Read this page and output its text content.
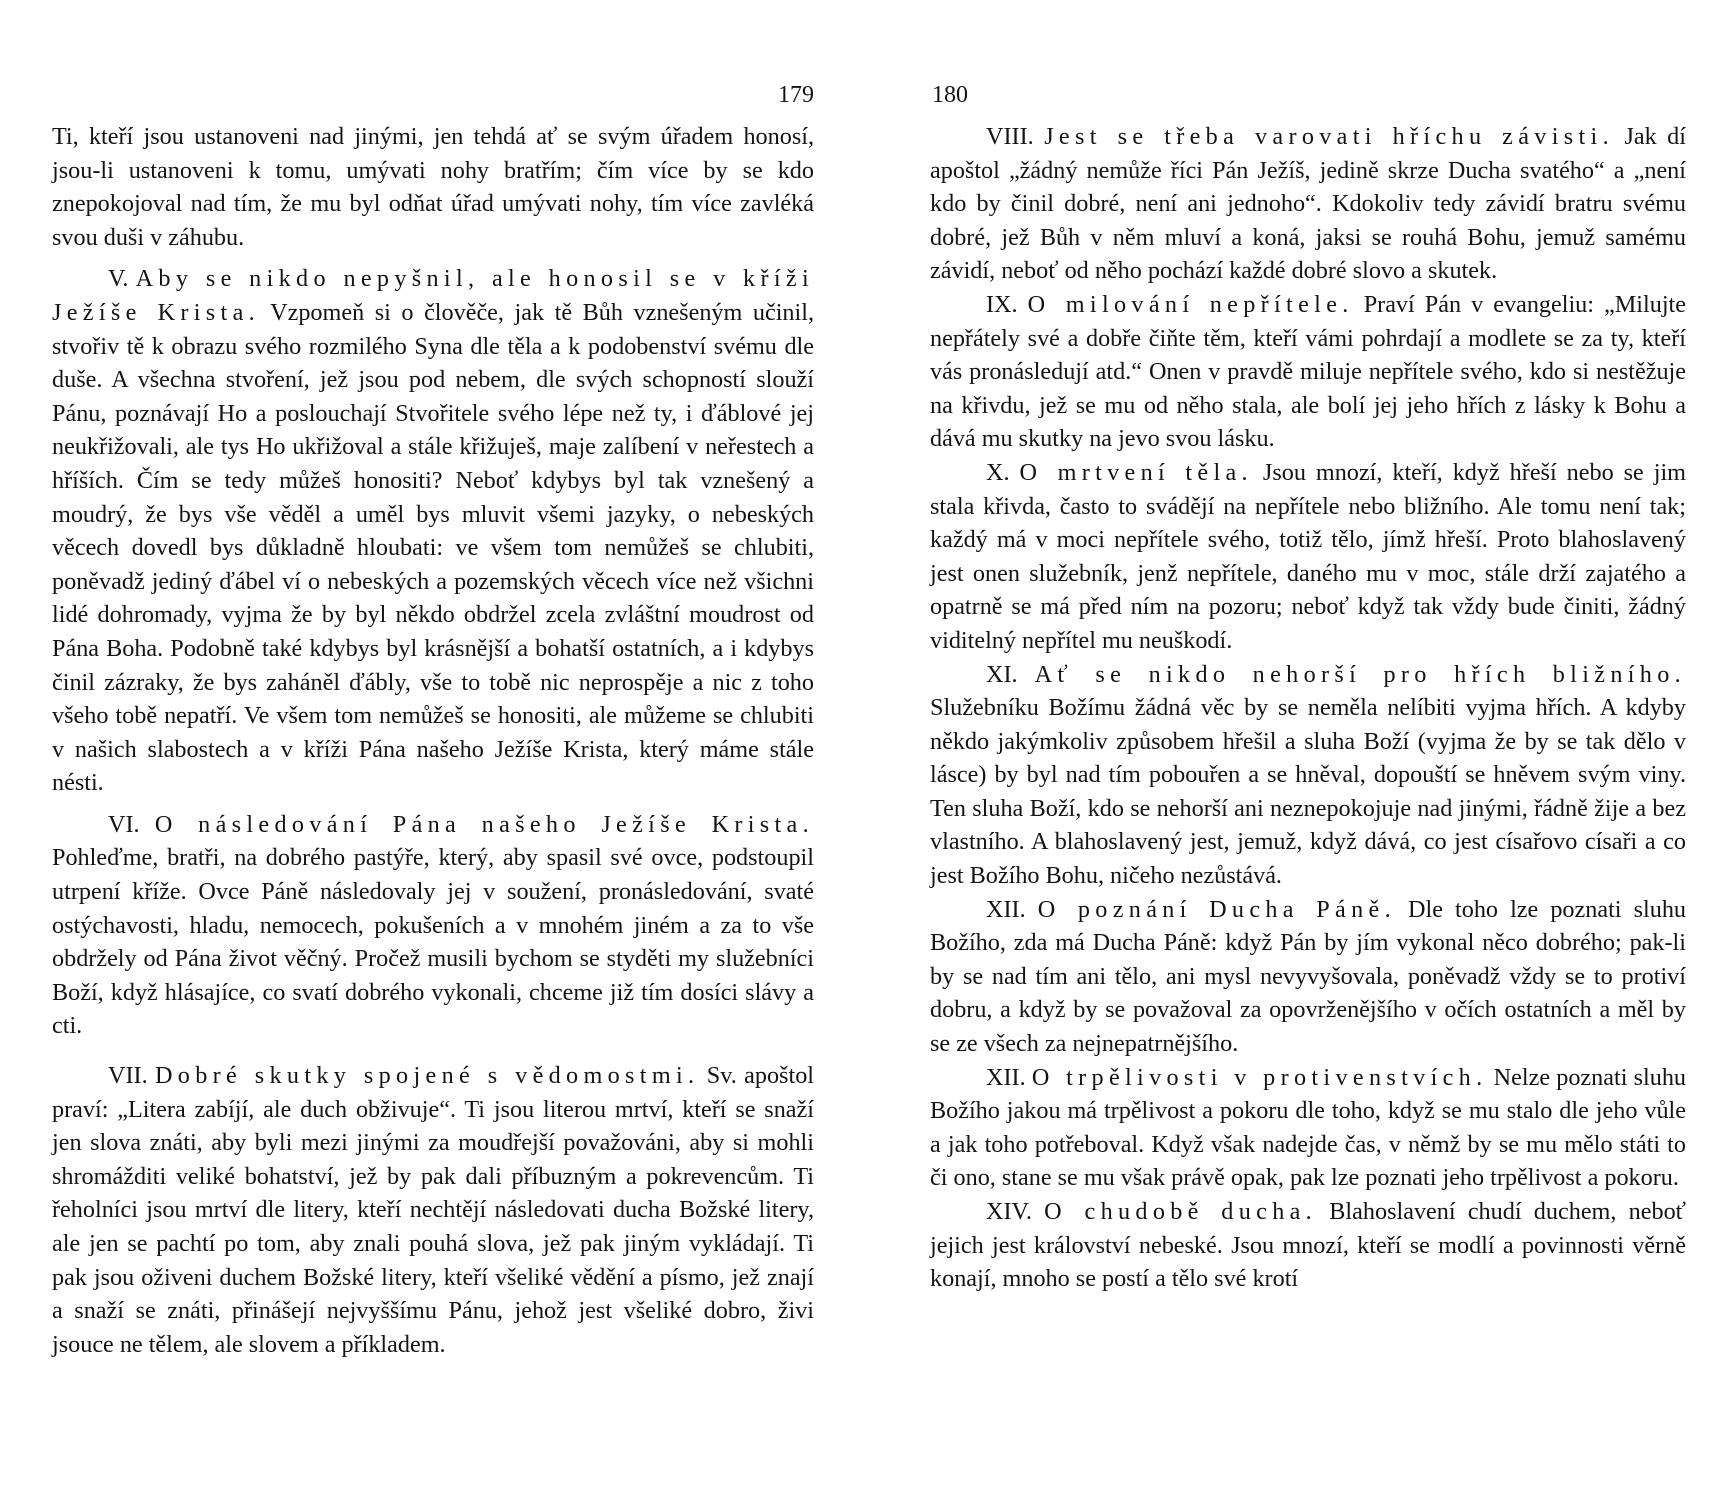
179

Ti, kteří jsou ustanoveni nad jinými, jen tehdá ať se svým úřadem honosí, jsou-li ustanoveni k tomu, umývati nohy bratřím; čím více by se kdo znepokojoval nad tím, že mu byl odňat úřad umývati nohy, tím více zavléká svou duši v záhubu.

V. Aby se nikdo nepyšnil, ale honosil se v kříži Ježíše Krista. Vzpomeň si o člověče, jak tě Bůh vznešeným učinil, stvořiv tě k obrazu svého rozmilého Syna dle těla a k podobenství svému dle duše. A všechna stvoření, jež jsou pod nebem, dle svých schopností slouží Pánu, poznávají Ho a poslouchají Stvořitele svého lépe než ty, i ďáblové jej neukřižovali, ale tys Ho ukřižoval a stále křižuješ, maje zalíbení v neřestech a hříších. Čím se tedy můžeš honositi? Neboť kdybys byl tak vznešený a moudrý, že bys vše věděl a uměl bys mluvit všemi jazyky, o nebeských věcech dovedl bys důkladně hloubati: ve všem tom nemůžeš se chlubiti, poněvadž jediný ďábel ví o nebeských a pozemských věcech více než všichni lidé dohromady, vyjma že by byl někdo obdržel zcela zvláštní moudrost od Pána Boha. Podobně také kdybys byl krásnější a bohatší ostatních, a i kdybys činil zázraky, že bys zaháněl ďábly, vše to tobě nic neprospěje a nic z toho všeho tobě nepatří. Ve všem tom nemůžeš se honositi, ale můžeme se chlubiti v našich slabostech a v kříži Pána našeho Ježíše Krista, který máme stále nésti.

VI. O následování Pána našeho Ježíše Krista. Pohleďme, bratři, na dobrého pastýře, který, aby spasil své ovce, podstoupil utrpení kříže. Ovce Páně následovaly jej v soužení, pronásledování, svaté ostýchavosti, hladu, nemocech, pokušeních a v mnohém jiném a za to vše obdržely od Pána život věčný. Pročež musili bychom se styděti my služebníci Boží, když hlásajíce, co svatí dobrého vykonali, chceme již tím dosíci slávy a cti.

VII. Dobré skutky spojené s vědomostmi. Sv. apoštol praví: „Litera zabíjí, ale duch obživuje“. Ti jsou literou mrtví, kteří se snaží jen slova znáti, aby byli mezi jinými za moudřejší považováni, aby si mohli shromážditi veliké bohatství, jež by pak dali příbuzným a pokrevencům. Ti řeholníci jsou mrtví dle litery, kteří nechtějí následovati ducha Božské litery, ale jen se pachtí po tom, aby znali pouhá slova, jež pak jiným vykládají. Ti pak jsou oživeni duchem Božské litery, kteří všeliké vědění a písmo, jež znají a snaží se znáti, přinášejí nejvyššímu Pánu, jehož jest všeliké dobro, živi jsouce ne tělem, ale slovem a příkladem.

180

VIII. Jest se třeba varovati hříchu závisti. Jak dí apoštol „žádný nemůže říci Pán Ježíš, jedině skrze Ducha svatého“ a „není kdo by činil dobré, není ani jednoho“. Kdokoliv tedy závidí bratru svému dobré, jež Bůh v něm mluví a koná, jaksi se rouhá Bohu, jemuž samému závidí, neboť od něho pochází každé dobré slovo a skutek.

IX. O milování nepřítele. Praví Pán v evangeliu: „Milujte nepřátely své a dobře čiňte těm, kteří vámi pohrdají a modlete se za ty, kteří vás pronásledují atd.“ Onen v pravdě miluje nepřítele svého, kdo si nestěžuje na křivdu, jež se mu od něho stala, ale bolí jej jeho hřích z lásky k Bohu a dává mu skutky na jevo svou lásku.

X. O mrtvení těla. Jsou mnozí, kteří, když hřeší nebo se jim stala křivda, často to svádějí na nepřítele nebo bližního. Ale tomu není tak; každý má v moci nepřítele svého, totiž tělo, jímž hřeší. Proto blahoslavený jest onen služebník, jenž nepřítele, daného mu v moc, stále drží zajatého a opatrně se má před ním na pozoru; neboť když tak vždy bude činiti, žádný viditelný nepřítel mu neuškodí.

XI. Ať se nikdo nehorší pro hřích bližního. Služebníku Božímu žádná věc by se neměla nelíbiti vyjma hřích. A kdyby někdo jakýmkoliv způsobem hřešil a sluha Boží (vyjma že by se tak dělo v lásce) by byl nad tím pobouřen a se hněval, dopouští se hněvem svým viny. Ten sluha Boží, kdo se nehorší ani neznepokojuje nad jinými, řádně žije a bez vlastního. A blahoslavený jest, jemuž, když dává, co jest císařovo císaři a co jest Božího Bohu, ničeho nezůstává.

XII. O poznání Ducha Páně. Dle toho lze poznati sluhu Božího, zda má Ducha Páně: když Pán by jím vykonal něco dobrého; pak-li by se nad tím ani tělo, ani mysl nevyvyšovala, poněvadž vždy se to protiví dobru, a když by se považoval za opovrženějšího v očích ostatních a měl by se ze všech za nejnepatrnějšího.

XII. O trpělivosti v protivenstvích. Nelze poznati sluhu Božího jakou má trpělivost a pokoru dle toho, když se mu stalo dle jeho vůle a jak toho potřeboval. Když však nadejde čas, v němž by se mu mělo státi to či ono, stane se mu však právě opak, pak lze poznati jeho trpělivost a pokoru.

XIV. O chudobě ducha. Blahoslavení chudí duchem, neboť jejich jest království nebeské. Jsou mnozí, kteří se modlí a povinnosti věrně konají, mnoho se postí a tělo své krotí
